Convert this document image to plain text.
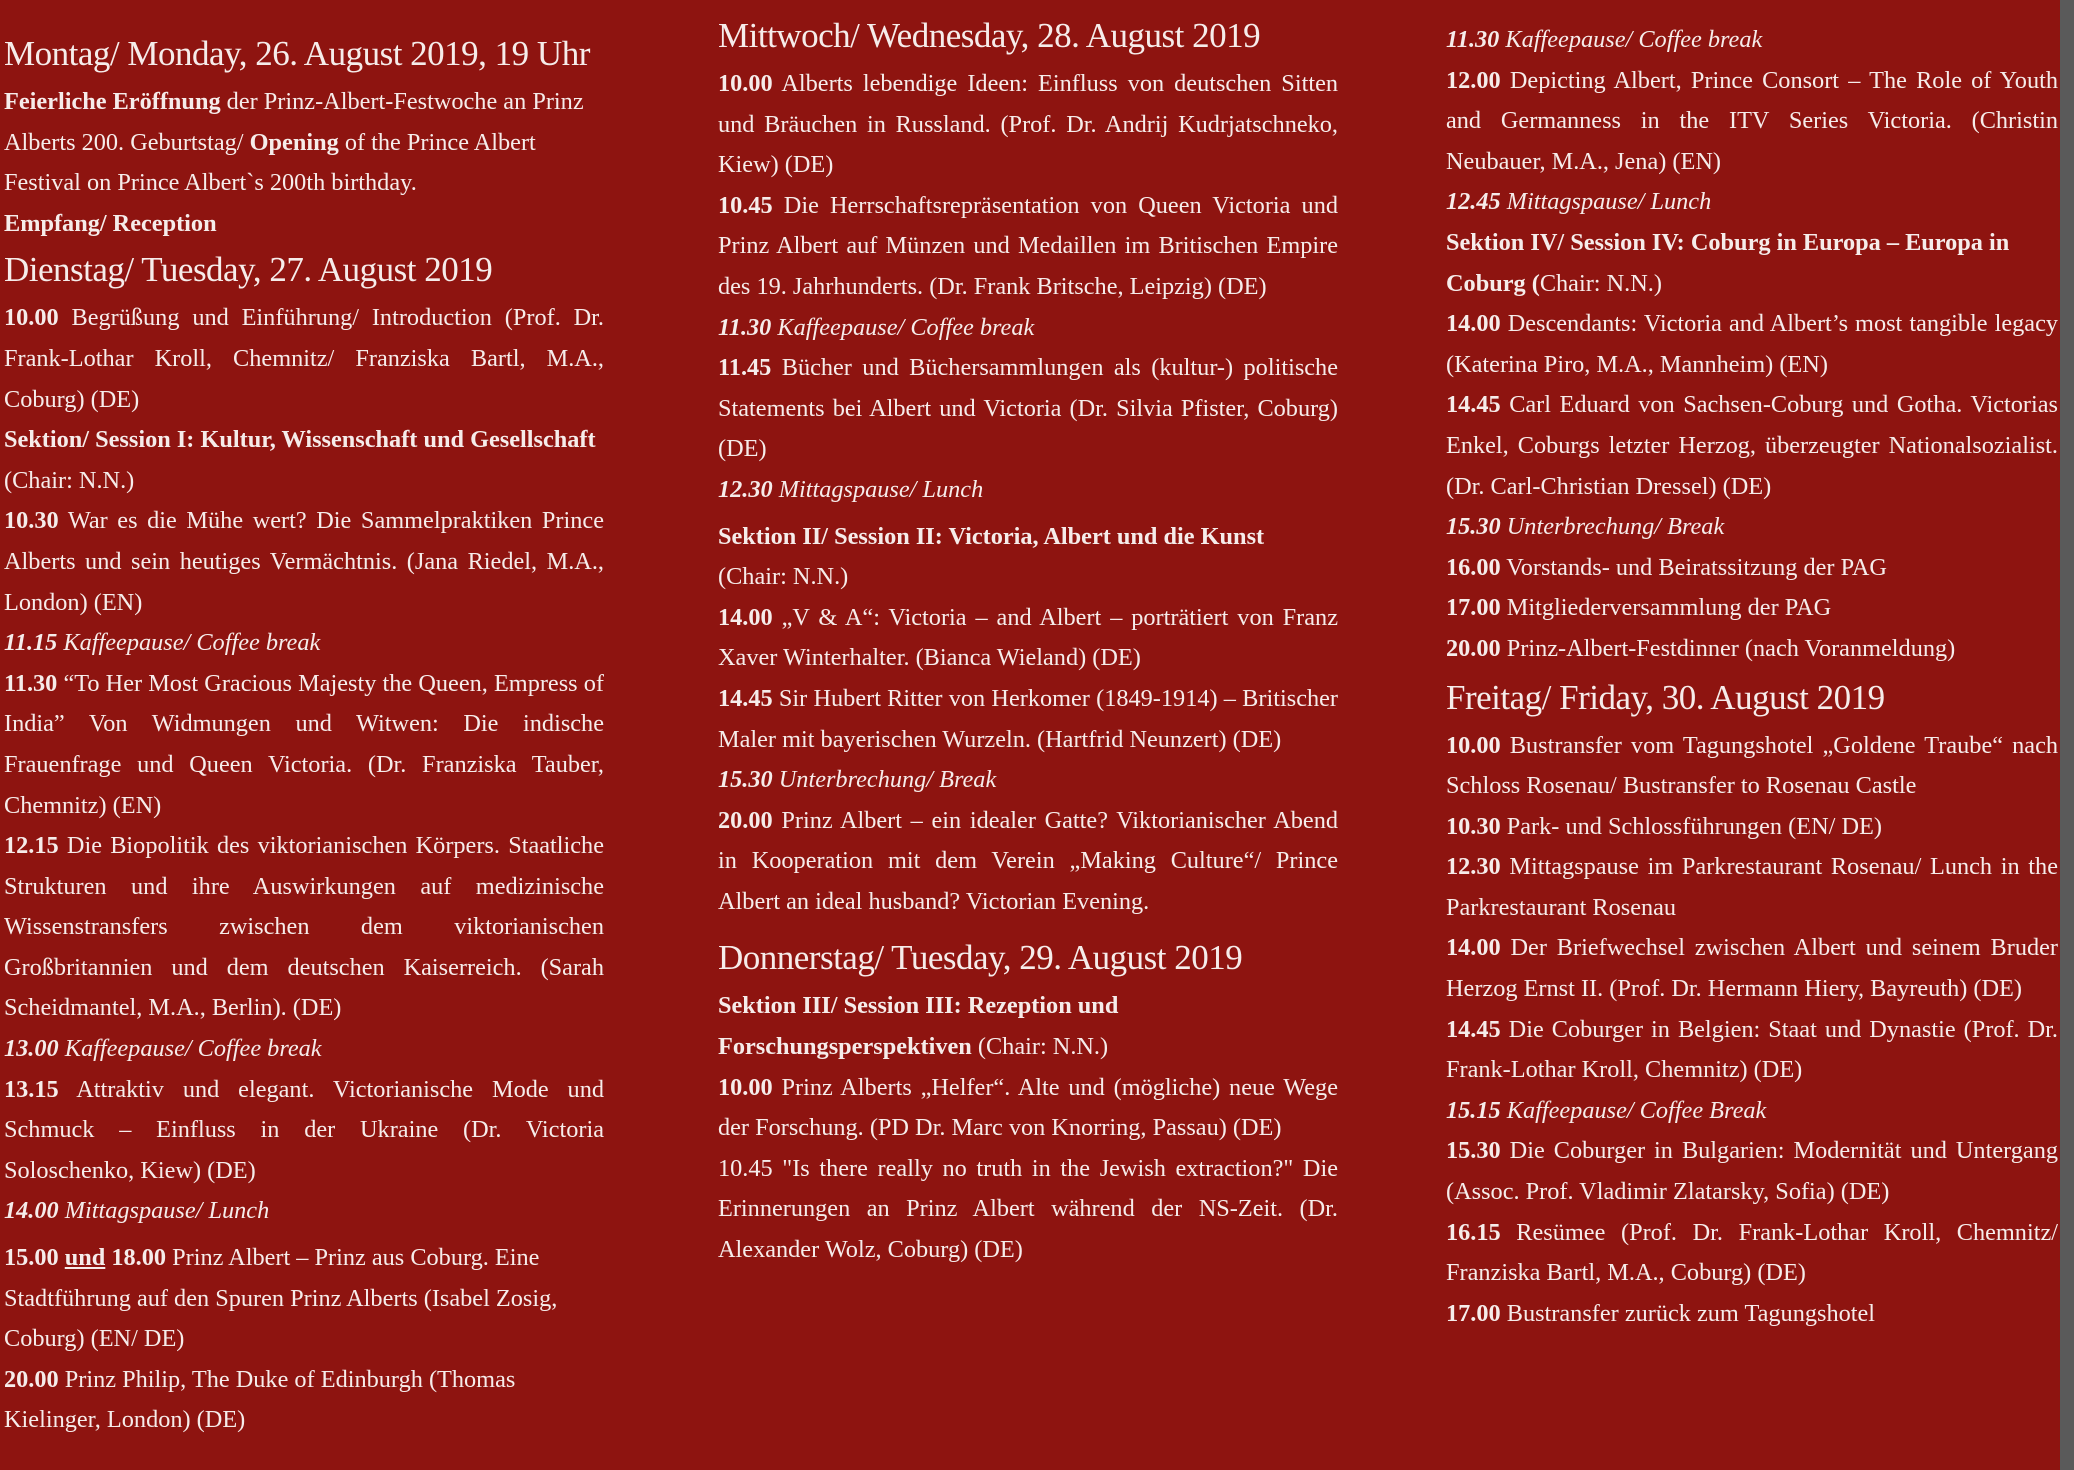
Montag/ Monday, 26. August 2019, 19 Uhr
Feierliche Eröffnung der Prinz-Albert-Festwoche an Prinz Alberts 200. Geburtstag/ Opening of the Prince Albert Festival on Prince Albert`s 200th birthday.
Empfang/ Reception
Dienstag/ Tuesday, 27. August 2019
10.00 Begrüßung und Einführung/ Introduction (Prof. Dr. Frank-Lothar Kroll, Chemnitz/ Franziska Bartl, M.A., Coburg) (DE)
Sektion/ Session I: Kultur, Wissenschaft und Gesellschaft (Chair: N.N.)
10.30 War es die Mühe wert? Die Sammelpraktiken Prince Alberts und sein heutiges Vermächtnis. (Jana Riedel, M.A., London) (EN)
11.15 Kaffeepause/ Coffee break
11.30 “To Her Most Gracious Majesty the Queen, Empress of India” Von Widmungen und Witwen: Die indische Frauenfrage und Queen Victoria. (Dr. Franziska Tauber, Chemnitz) (EN)
12.15 Die Biopolitik des viktorianischen Körpers. Staatliche Strukturen und ihre Auswirkungen auf medizinische Wissenstransfers zwischen dem viktorianischen Großbritannien und dem deutschen Kaiserreich. (Sarah Scheidmantel, M.A., Berlin). (DE)
13.00 Kaffeepause/ Coffee break
13.15 Attraktiv und elegant. Victorianische Mode und Schmuck – Einfluss in der Ukraine (Dr. Victoria Soloschenko, Kiew) (DE)
14.00 Mittagspause/ Lunch
15.00 und 18.00 Prinz Albert – Prinz aus Coburg. Eine Stadtführung auf den Spuren Prinz Alberts (Isabel Zosig, Coburg) (EN/ DE)
20.00 Prinz Philip, The Duke of Edinburgh (Thomas Kielinger, London) (DE)
Mittwoch/ Wednesday, 28. August 2019
10.00 Alberts lebendige Ideen: Einfluss von deutschen Sitten und Bräuchen in Russland. (Prof. Dr. Andrij Kudrjatschneko, Kiew) (DE)
10.45 Die Herrschaftsrepräsentation von Queen Victoria und Prinz Albert auf Münzen und Medaillen im Britischen Empire des 19. Jahrhunderts. (Dr. Frank Britsche, Leipzig) (DE)
11.30 Kaffeepause/ Coffee break
11.45 Bücher und Büchersammlungen als (kultur-) politische Statements bei Albert und Victoria (Dr. Silvia Pfister, Coburg) (DE)
12.30 Mittagspause/ Lunch
Sektion II/ Session II: Victoria, Albert und die Kunst (Chair: N.N.)
14.00 „V & A“: Victoria – and Albert – porträtiert von Franz Xaver Winterhalter. (Bianca Wieland) (DE)
14.45 Sir Hubert Ritter von Herkomer (1849-1914) – Britischer Maler mit bayerischen Wurzeln. (Hartfrid Neunzert) (DE)
15.30 Unterbrechung/ Break
20.00 Prinz Albert – ein idealer Gatte? Viktorianischer Abend in Kooperation mit dem Verein „Making Culture“/ Prince Albert an ideal husband? Victorian Evening.
Donnerstag/ Tuesday, 29. August 2019
Sektion III/ Session III: Rezeption und Forschungsperspektiven (Chair: N.N.)
10.00 Prinz Alberts „Helfer“. Alte und (mögliche) neue Wege der Forschung. (PD Dr. Marc von Knorring, Passau) (DE)
10.45 "Is there really no truth in the Jewish extraction?" Die Erinnerungen an Prinz Albert während der NS-Zeit. (Dr. Alexander Wolz, Coburg) (DE)
11.30 Kaffeepause/ Coffee break
12.00 Depicting Albert, Prince Consort – The Role of Youth and Germanness in the ITV Series Victoria. (Christin Neubauer, M.A., Jena) (EN)
12.45 Mittagspause/ Lunch
Sektion IV/ Session IV: Coburg in Europa – Europa in Coburg (Chair: N.N.)
14.00 Descendants: Victoria and Albert’s most tangible legacy (Katerina Piro, M.A., Mannheim) (EN)
14.45 Carl Eduard von Sachsen-Coburg und Gotha. Victorias Enkel, Coburgs letzter Herzog, überzeugter Nationalsozialist. (Dr. Carl-Christian Dressel) (DE)
15.30 Unterbrechung/ Break
16.00 Vorstands- und Beiratssitzung der PAG
17.00 Mitgliederversammlung der PAG
20.00 Prinz-Albert-Festdinner (nach Voranmeldung)
Freitag/ Friday, 30. August 2019
10.00 Bustransfer vom Tagungshotel „Goldene Traube“ nach Schloss Rosenau/ Bustransfer to Rosenau Castle
10.30 Park- und Schlossführungen (EN/ DE)
12.30 Mittagspause im Parkrestaurant Rosenau/ Lunch in the Parkrestaurant Rosenau
14.00 Der Briefwechsel zwischen Albert und seinem Bruder Herzog Ernst II. (Prof. Dr. Hermann Hiery, Bayreuth) (DE)
14.45 Die Coburger in Belgien: Staat und Dynastie (Prof. Dr. Frank-Lothar Kroll, Chemnitz) (DE)
15.15 Kaffeepause/ Coffee Break
15.30 Die Coburger in Bulgarien: Modernität und Untergang (Assoc. Prof. Vladimir Zlatarsky, Sofia) (DE)
16.15 Resümee (Prof. Dr. Frank-Lothar Kroll, Chemnitz/ Franziska Bartl, M.A., Coburg) (DE)
17.00 Bustransfer zurück zum Tagungshotel
